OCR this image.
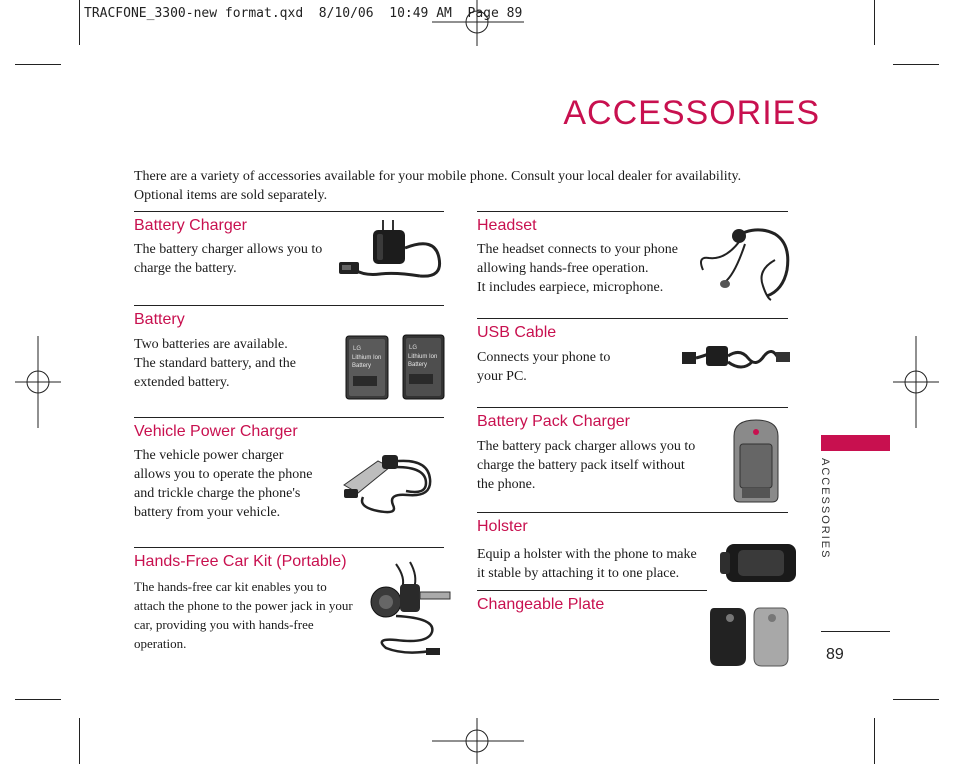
TRACFONE_3300-new format.qxd  8/10/06  10:49 AM  Page 89
ACCESSORIES
There are a variety of accessories available for your mobile phone. Consult your local dealer for availability.
Optional items are sold separately.
Battery Charger
The battery charger allows you to
charge the battery.
Battery
Two batteries are available.
The standard battery, and the
extended battery.
LG
Lithium Ion
Battery
LG
Lithium Ion
Battery
Vehicle Power Charger
The vehicle power charger
allows you to operate the phone
and trickle charge the phone's
battery from your vehicle.
Hands-Free Car Kit (Portable)
The hands-free car kit enables you to
attach the phone to the power jack in your
car, providing you with hands-free
operation.
Headset
The headset connects to your phone
allowing hands-free operation.
It includes earpiece, microphone.
USB Cable
Connects your phone to
your PC.
Battery Pack Charger
The battery pack charger allows you to
charge the battery pack itself without
the phone.
Holster
Equip a holster with the phone to make
it stable by attaching it to one place.
Changeable Plate
ACCESSORIES
89
